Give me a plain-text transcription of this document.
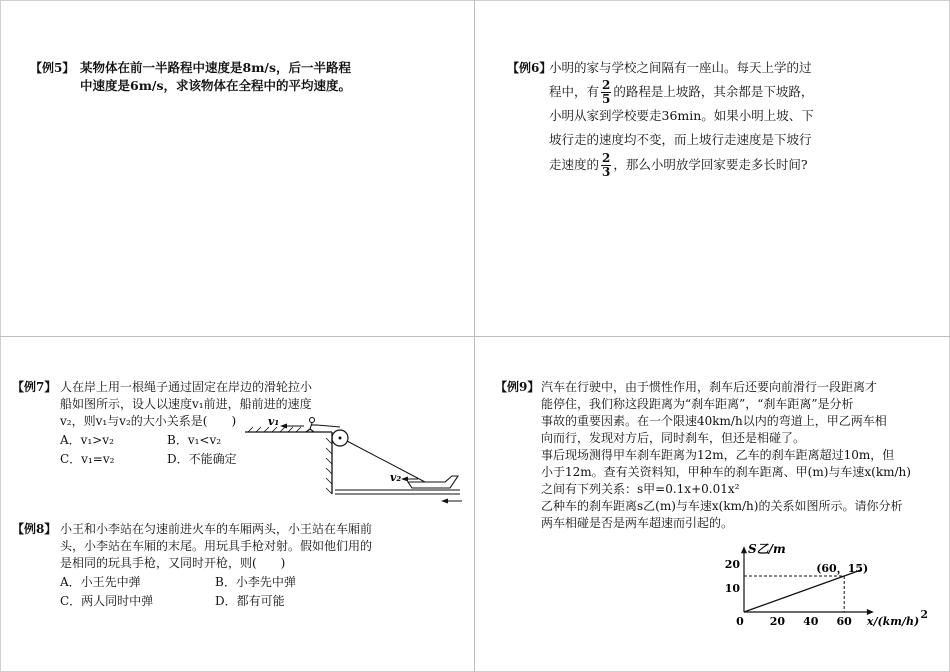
【例5】 某物体在前一半路程中速度是8m/s，后一半路程
中速度是6m/s，求该物体在全程中的平均速度。
【例6】
小明的家与学校之间隔有一座山。每天上学的过
程中，有 $\frac{2}{5}$ 的路程是上坡路，其余都是下坡路，
小明从家到学校要走36min。如果小明上坡、下
坡行走的速度均不变，而上坡行走速度是下坡行
走速度的 $\frac{2}{3}$ ，那么小明放学回家要走多长时间?
【例7】 人在岸上用一根绳子通过固定在岸边的滑轮拉小
船如图所示，设人以速度v₁前进，船前进的速度
v₂，则v₁与v₂的大小关系是(　　)
A．v₁>v₂	B．v₁<v₂
C．v₁=v₂	D．不能确定
v₁
v₂
【例8】 小王和小李站在匀速前进火车的车厢两头，小王站在车厢前
头，小李站在车厢的末尾。用玩具手枪对射。假如他们用的
是相同的玩具手枪，又同时开枪，则(　　)
A．小王先中弹	B．小李先中弹
C．两人同时中弹	D．都有可能
【例9】 汽车在行驶中，由于惯性作用，刹车后还要向前滑行一段距离才
能停住，我们称这段距离为“刹车距离”，“刹车距离”是分析
事故的重要因素。在一个限速40km/h以内的弯道上，甲乙两车相
向而行，发现对方后，同时刹车，但还是相碰了。
事后现场测得甲车刹车距离为12m，乙车的刹车距离超过10m，但
小于12m。查有关资料知，甲种车的刹车距离、甲(m)与车速x(km/h)
之间有下列关系：s甲=0.1x+0.01x²
乙种车的刹车距离s乙(m)与车速x(km/h)的关系如图所示。请你分析
两车相碰是否是两车超速而引起的。
S乙/m
x/(km/h)
0 20 40 60
10
20	(60，15)
2
